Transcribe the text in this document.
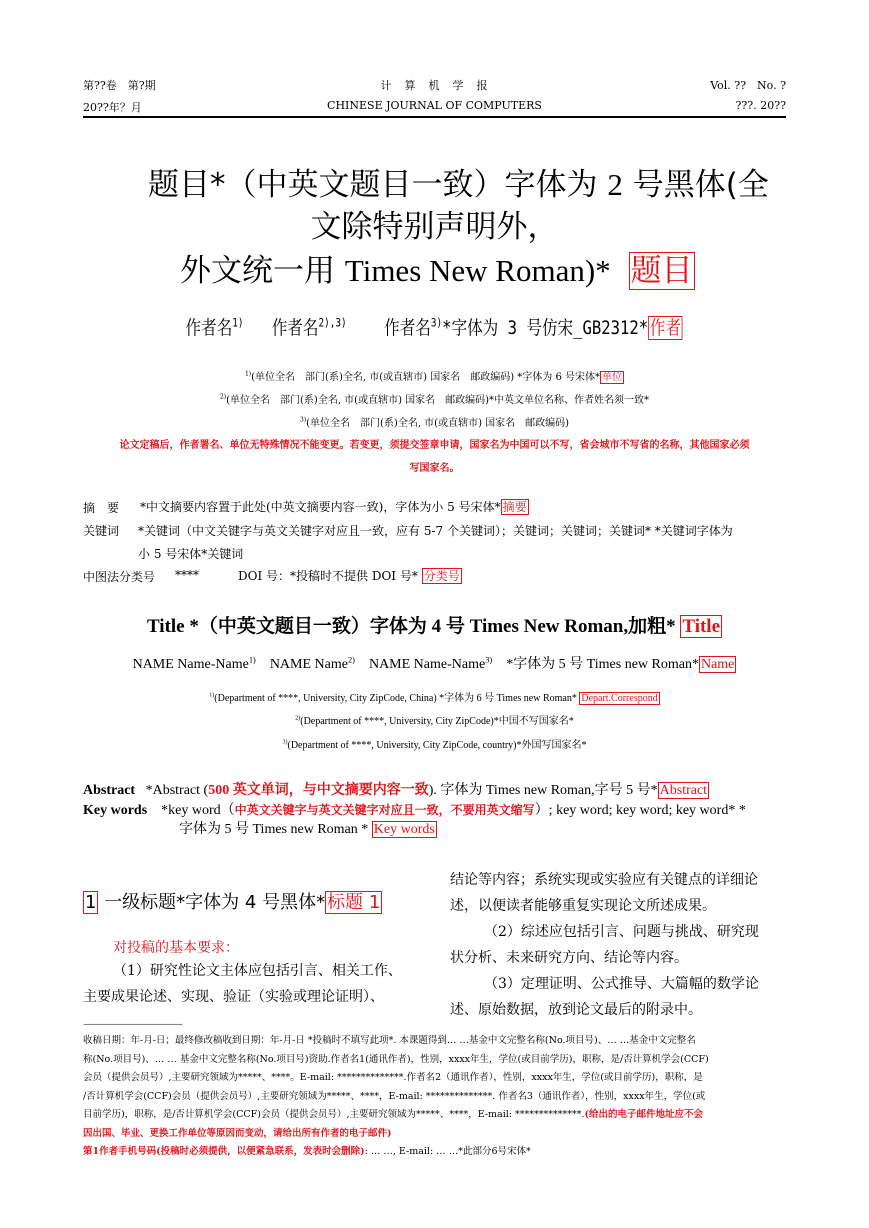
第??卷　第?期	计　算　机　学　报	Vol. ??　No. ?
20??年？月	CHINESE JOURNAL OF COMPUTERS	???. 20??
题目*（中英文题目一致）字体为 2 号黑体(全
文除特别声明外，
外文统一用 Times New Roman)* 题目
作者名$^{1)}$ 作者名$^{2),3)}$ 作者名$^{3)}$*字体为 3 号仿宋_GB2312*作者
$^{1)}$(单位全名　部门(系)全名, 市(或直辖市) 国家名　邮政编码) *字体为 6 号宋体* 单位
$^{2)}$(单位全名　部门(系)全名, 市(或直辖市) 国家名　邮政编码)*中英文单位名称、作者姓名须一致*
$^{3)}$(单位全名　部门(系)全名, 市(或直辖市) 国家名　邮政编码)
论文定稿后，作者署名、单位无特殊情况不能变更。若变更，须提交签章申请，国家名为中国可以不写，省会城市不写省的名称，其他国家必须
写国家名。
摘　要 *中文摘要内容置于此处(中英文摘要内容一致)，字体为小 5 号宋体* 摘要
关键词 *关键词（中文关键字与英文关键字对应且一致，应有 5-7 个关键词）；关键词；关键词；关键词* *关键词字体为
小 5 号宋体*关键词
中图法分类号 ****	DOI 号：*投稿时不提供 DOI 号* 分类号
Title *（中英文题目一致）字体为 4 号 Times New Roman,加粗* Title
NAME Name-Name$^{1)}$ NAME Name$^{2)}$ NAME Name-Name$^{3)}$ *字体为 5 号 Times new Roman* Name
$^{1)}$(Department of ****, University, City ZipCode, China) *字体为 6 号 Times new Roman* Depart.Correspond
$^{2)}$(Department of ****, University, City ZipCode)*中国不写国家名*
$^{3)}$(Department of ****, University, City ZipCode, country)*外国写国家名*
Abstract *Abstract (500 英文单词，与中文摘要内容一致). 字体为 Times new Roman,字号 5 号* Abstract
Key words *key word（中英文关键字与英文关键字对应且一致，不要用英文缩写）; key word; key word; key word* *
字体为 5 号 Times new Roman * Key words
1 一级标题*字体为 4 号黑体* 标题 1
对投稿的基本要求：
（1）研究性论文主体应包括引言、相关工作、
主要成果论述、实现、验证（实验或理论证明）、
结论等内容；系统实现或实验应有关键点的详细论
述，以便读者能够重复实现论文所述成果。
（2）综述应包括引言、问题与挑战、研究现
状分析、未来研究方向、结论等内容。
（3）定理证明、公式推导、大篇幅的数学论
述、原始数据，放到论文最后的附录中。
———————————
收稿日期：年-月-日；最终修改稿收到日期：年-月-日 *投稿时不填写此项*. 本课题得到… …基金中文完整名称(No.项目号)、… …基金中文完整名
称(No.项目号)、… … 基金中文完整名称(No.项目号)资助.作者名1(通讯作者)，性别，xxxx年生，学位(或目前学历)，职称，是/否计算机学会(CCF)
会员（提供会员号）,主要研究领域为*****、****。E-mail: **************.作者名2（通讯作者），性别，xxxx年生，学位(或目前学历)，职称，是
/否计算机学会(CCF)会员（提供会员号）,主要研究领域为*****、****，E-mail: **************. 作者名3（通讯作者），性别，xxxx年生，学位(或
目前学历)，职称，是/否计算机学会(CCF)会员（提供会员号）,主要研究领域为*****、****，E-mail: **************.(给出的电子邮件地址应不会
因出国、毕业、更换工作单位等原因而变动，请给出所有作者的电子邮件)
第1作者手机号码(投稿时必须提供，以便紧急联系，发表时会删除): … …, E-mail: … …*此部分6号宋体*
